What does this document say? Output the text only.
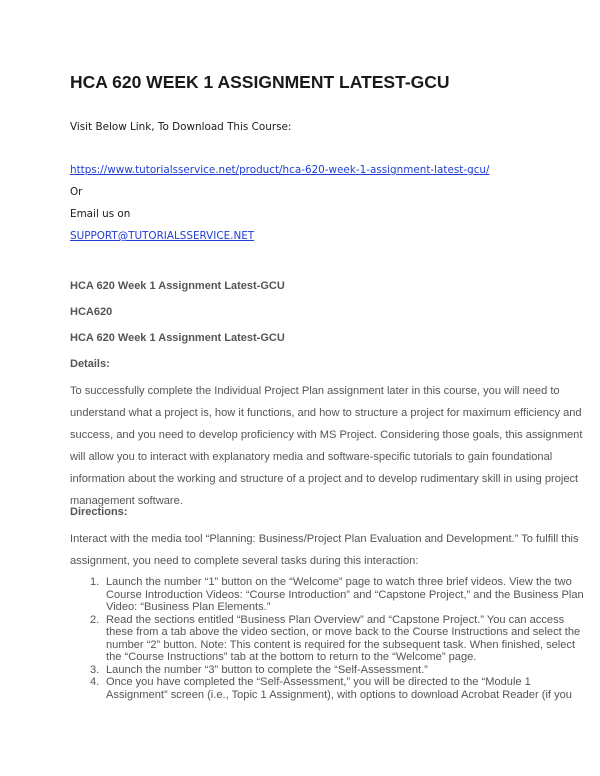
HCA 620 WEEK 1 ASSIGNMENT LATEST-GCU
Visit Below Link, To Download This Course:
https://www.tutorialsservice.net/product/hca-620-week-1-assignment-latest-gcu/
Or
Email us on
SUPPORT@TUTORIALSSERVICE.NET
HCA 620 Week 1 Assignment Latest-GCU
HCA620
HCA 620 Week 1 Assignment Latest-GCU
Details:
To successfully complete the Individual Project Plan assignment later in this course, you will need to
understand what a project is, how it functions, and how to structure a project for maximum efficiency and
success, and you need to develop proficiency with MS Project. Considering those goals, this assignment
will allow you to interact with explanatory media and software-specific tutorials to gain foundational
information about the working and structure of a project and to develop rudimentary skill in using project
management software.
Directions:
Interact with the media tool “Planning: Business/Project Plan Evaluation and Development.” To fulfill this
assignment, you need to complete several tasks during this interaction:
1. Launch the number “1” button on the “Welcome” page to watch three brief videos. View the two
Course Introduction Videos: “Course Introduction” and “Capstone Project,” and the Business Plan
Video: “Business Plan Elements.”
2. Read the sections entitled “Business Plan Overview” and “Capstone Project.” You can access
these from a tab above the video section, or move back to the Course Instructions and select the
number “2” button. Note: This content is required for the subsequent task. When finished, select
the “Course Instructions” tab at the bottom to return to the “Welcome” page.
3. Launch the number “3” button to complete the “Self-Assessment.”
4. Once you have completed the “Self-Assessment,” you will be directed to the “Module 1
Assignment” screen (i.e., Topic 1 Assignment), with options to download Acrobat Reader (if you
